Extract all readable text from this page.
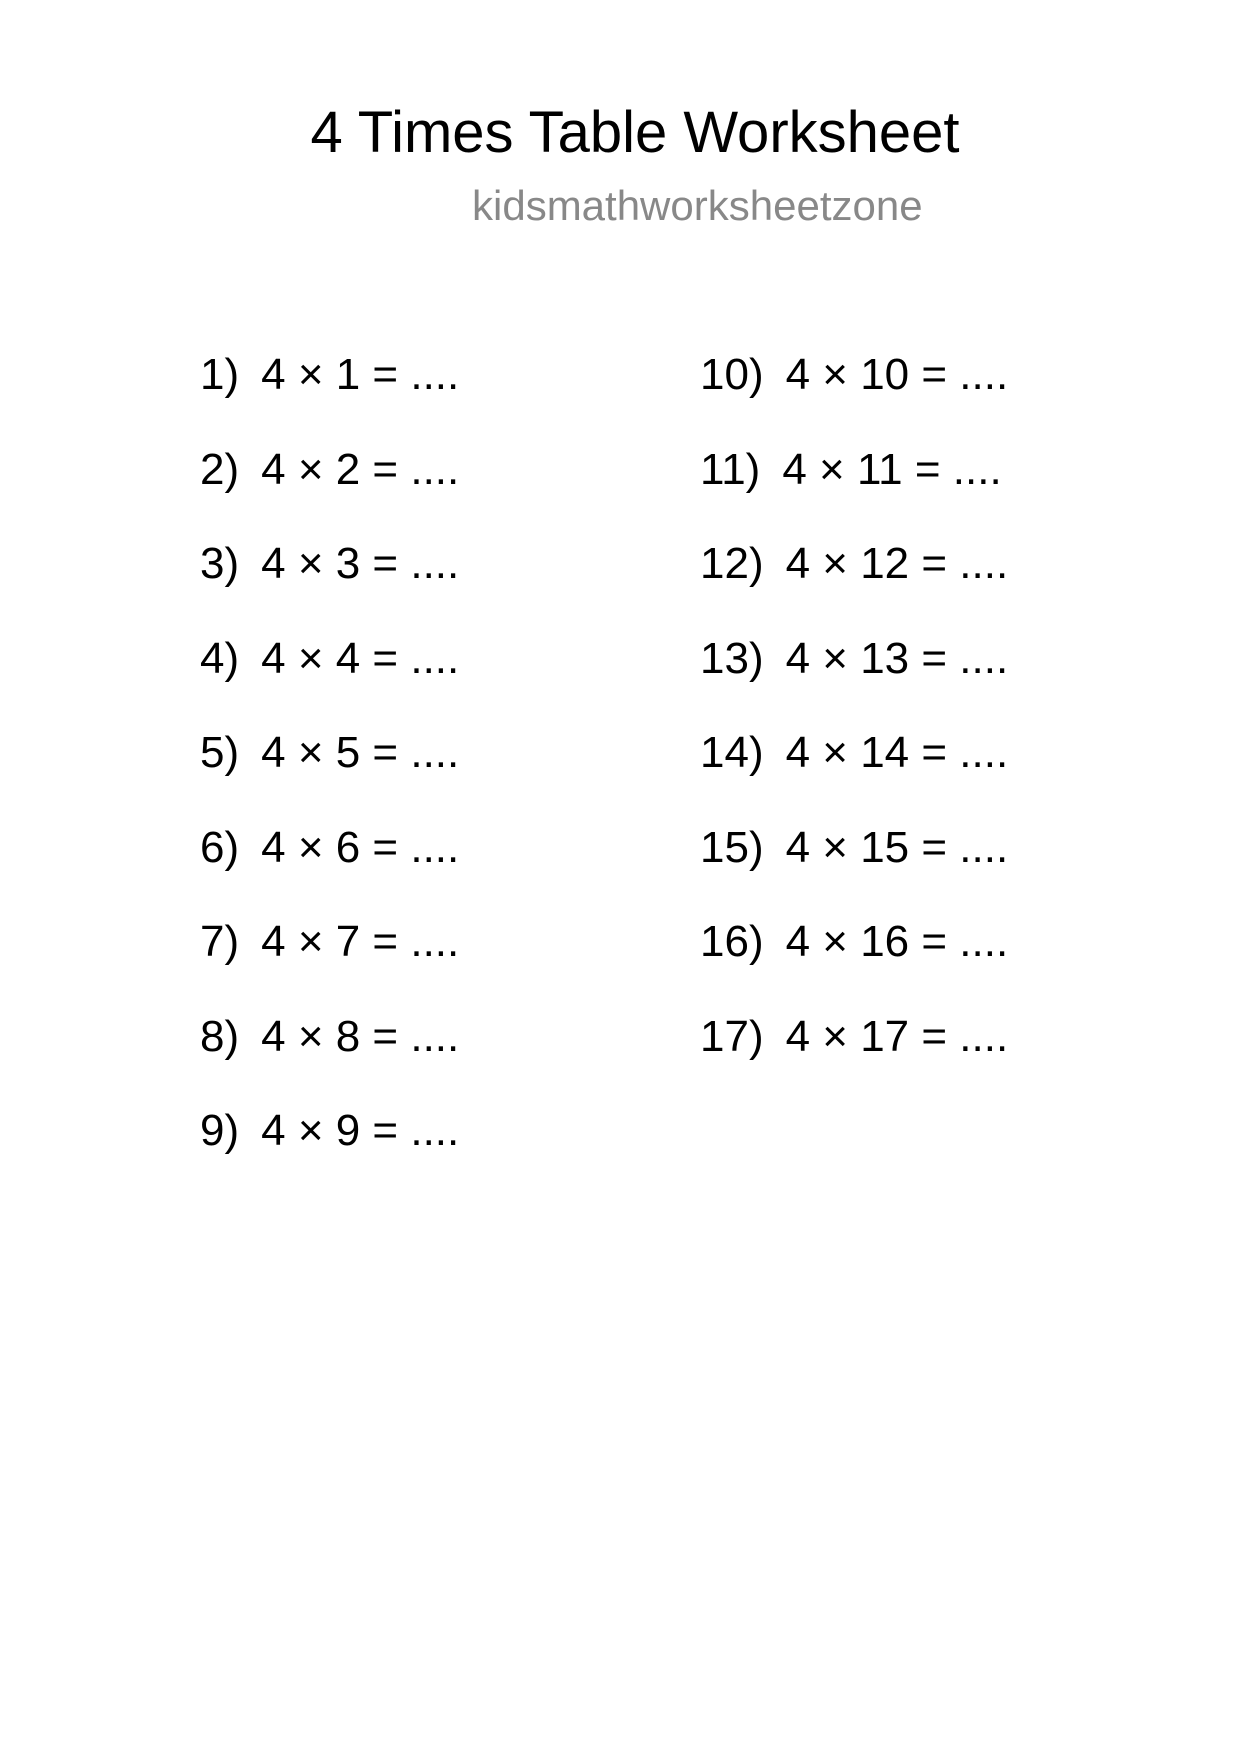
4 Times Table Worksheet
kidsmathworksheetzone
1) 4 × 1 = ....
2) 4 × 2 = ....
3) 4 × 3 = ....
4) 4 × 4 = ....
5) 4 × 5 = ....
6) 4 × 6 = ....
7) 4 × 7 = ....
8) 4 × 8 = ....
9) 4 × 9 = ....
10) 4 × 10 = ....
11) 4 × 11 = ....
12) 4 × 12 = ....
13) 4 × 13 = ....
14) 4 × 14 = ....
15) 4 × 15 = ....
16) 4 × 16 = ....
17) 4 × 17 = ....
